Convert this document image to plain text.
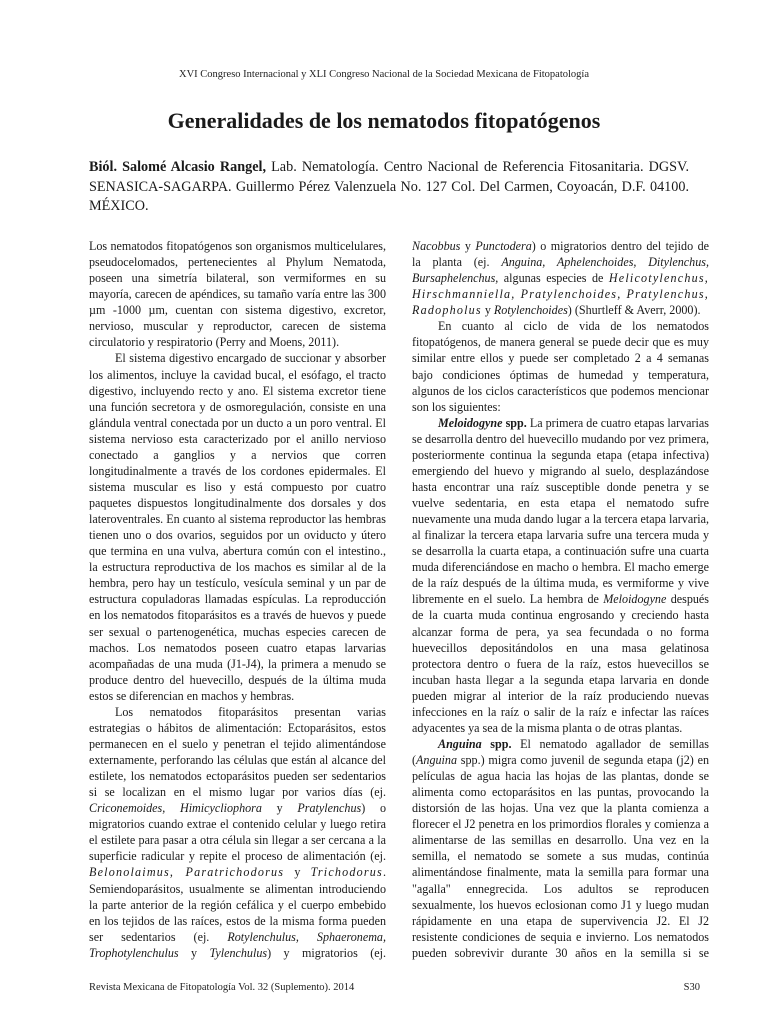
XVI Congreso Internacional y XLI Congreso Nacional de la Sociedad Mexicana de Fitopatología
Generalidades de los nematodos fitopatógenos

Biól. Salomé Alcasio Rangel, Lab. Nematología. Centro Nacional de Referencia Fitosanitaria. DGSV. SENASICA-SAGARPA. Guillermo Pérez Valenzuela No. 127 Col. Del Carmen, Coyoacán, D.F. 04100. MÉXICO.

Los nematodos fitopatógenos son organismos multicelulares, pseudocelomados, pertenecientes al Phylum Nematoda, poseen una simetría bilateral, son vermiformes en su mayoría, carecen de apéndices, su tamaño varía entre las 300 µm -1000 µm, cuentan con sistema digestivo, excretor, nervioso, muscular y reproductor, carecen de sistema circulatorio y respiratorio (Perry and Moens, 2011).

El sistema digestivo encargado de succionar y absorber los alimentos, incluye la cavidad bucal, el esófago, el tracto digestivo, incluyendo recto y ano. El sistema excretor tiene una función secretora y de osmoregulación, consiste en una glándula ventral conectada por un ducto a un poro ventral. El sistema nervioso esta caracterizado por el anillo nervioso conectado a ganglios y a nervios que corren longitudinalmente a través de los cordones epidermales. El sistema muscular es liso y está compuesto por cuatro paquetes dispuestos longitudinalmente dos dorsales y dos lateroventrales. En cuanto al sistema reproductor las hembras tienen uno o dos ovarios, seguidos por un oviducto y útero que termina en una vulva, abertura común con el intestino., la estructura reproductiva de los machos es similar al de la hembra, pero hay un testículo, vesícula seminal y un par de estructura copuladoras llamadas espículas. La reproducción en los nematodos fitoparásitos es a través de huevos y puede ser sexual o partenogenética, muchas especies carecen de machos. Los nematodos poseen cuatro etapas larvarias acompañadas de una muda (J1-J4), la primera a menudo se produce dentro del huevecillo, después de la última muda estos se diferencian en machos y hembras.

Los nematodos fitoparásitos presentan varias estrategias o hábitos de alimentación: Ectoparásitos, estos permanecen en el suelo y penetran el tejido alimentándose externamente, perforando las células que están al alcance del estilete, los nematodos ectoparásitos pueden ser sedentarios si se localizan en el mismo lugar por varios días (ej. Criconemoides, Himicycliophora y Pratylenchus) o migratorios cuando extrae el contenido celular y luego retira el estilete para pasar a otra célula sin llegar a ser cercana a la superficie radicular y repite el proceso de alimentación (ej. Belonolaimus, Paratrichodorus y Trichodorus. Semiendoparásitos, usualmente se alimentan introduciendo la parte anterior de la región cefálica y el cuerpo embebido en los tejidos de las raíces, estos de la misma forma pueden ser sedentarios (ej. Rotylenchulus, Sphaeronema, Trophotylenchulus y Tylenchulus) y migratorios (ej.

Nacobbus y Punctodera) o migratorios dentro del tejido de la planta (ej. Anguina, Aphelenchoides, Ditylenchus, Bursaphelenchus, algunas especies de Helicotylenchus, Hirschmanniella, Pratylenchoides, Pratylenchus, Radopholus y Rotylenchoides) (Shurtleff & Averr, 2000).

En cuanto al ciclo de vida de los nematodos fitopatógenos, de manera general se puede decir que es muy similar entre ellos y puede ser completado 2 a 4 semanas bajo condiciones óptimas de humedad y temperatura, algunos de los ciclos característicos que podemos mencionar son los siguientes:

Meloidogyne spp. La primera de cuatro etapas larvarias se desarrolla dentro del huevecillo mudando por vez primera, posteriormente continua la segunda etapa (etapa infectiva) emergiendo del huevo y migrando al suelo, desplazándose hasta encontrar una raíz susceptible donde penetra y se vuelve sedentaria, en esta etapa el nematodo sufre nuevamente una muda dando lugar a la tercera etapa larvaria, al finalizar la tercera etapa larvaria sufre una tercera muda y se desarrolla la cuarta etapa, a continuación sufre una cuarta muda diferenciándose en macho o hembra. El macho emerge de la raíz después de la última muda, es vermiforme y vive libremente en el suelo. La hembra de Meloidogyne después de la cuarta muda continua engrosando y creciendo hasta alcanzar forma de pera, ya sea fecundada o no forma huevecillos depositándolos en una masa gelatinosa protectora dentro o fuera de la raíz, estos huevecillos se incuban hasta llegar a la segunda etapa larvaria en donde pueden migrar al interior de la raíz produciendo nuevas infecciones en la raíz o salir de la raíz e infectar las raíces adyacentes ya sea de la misma planta o de otras plantas.

Anguina spp. El nematodo agallador de semillas (Anguina spp.) migra como juvenil de segunda etapa (j2) en películas de agua hacia las hojas de las plantas, donde se alimenta como ectoparásitos en las puntas, provocando la distorsión de las hojas. Una vez que la planta comienza a florecer el J2 penetra en los primordios florales y comienza a alimentarse de las semillas en desarrollo. Una vez en la semilla, el nematodo se somete a sus mudas, continúa alimentándose finalmente, mata la semilla para formar una "agalla" ennegrecida. Los adultos se reproducen sexualmente, los huevos eclosionan como J1 y luego mudan rápidamente en una etapa de supervivencia J2. El J2 resistente condiciones de sequia e invierno. Los nematodos pueden sobrevivir durante 30 años en la semilla si se

Revista Mexicana de Fitopatología Vol. 32 (Suplemento). 2014	S30
